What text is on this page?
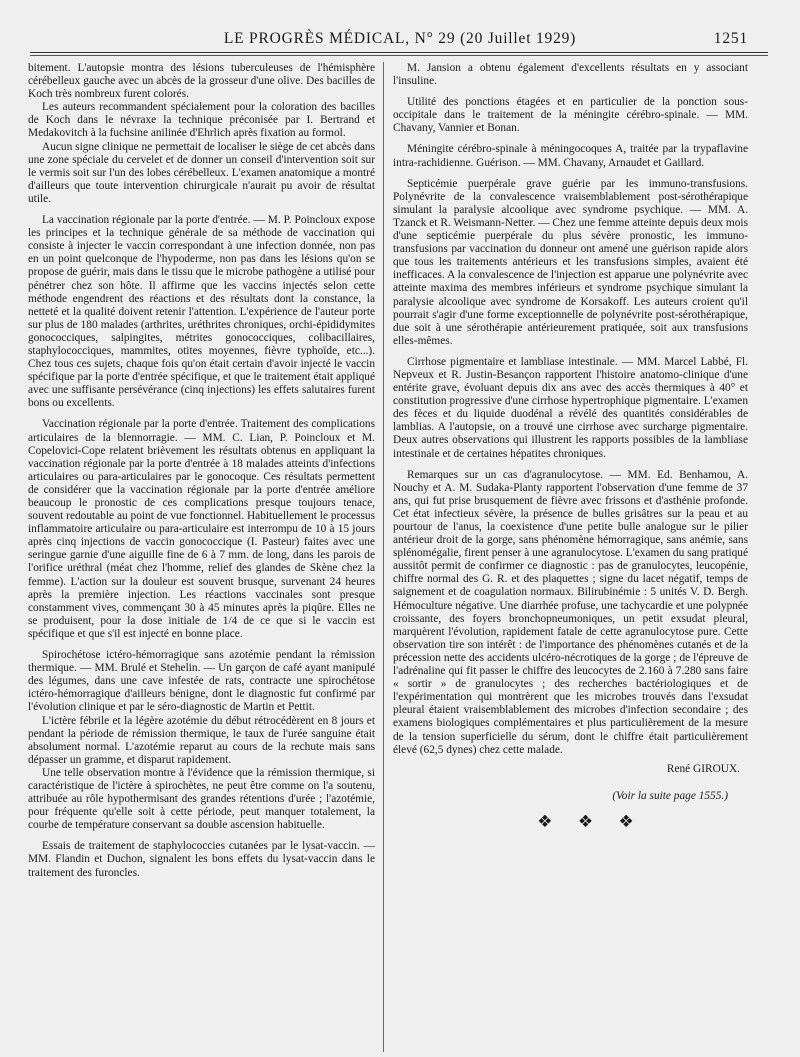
LE PROGRÈS MÉDICAL, N° 29 (20 Juillet 1929)	1251

bitement. L'autopsie montra des lésions tuberculeuses de l'hémisphère cérébelleux gauche avec un abcès de la grosseur d'une olive. Des bacilles de Koch très nombreux furent colorés.

Les auteurs recommandent spécialement pour la coloration des bacilles de Koch dans le névraxe la technique préconisée par I. Bertrand et Medakovitch à la fuchsine anilinée d'Ehrlich après fixation au formol.

Aucun signe clinique ne permettait de localiser le siège de cet abcès dans une zone spéciale du cervelet et de donner un conseil d'intervention soit sur le vermis soit sur l'un des lobes cérébelleux. L'examen anatomique a montré d'ailleurs que toute intervention chirurgicale n'aurait pu avoir de résultat utile.

La vaccination régionale par la porte d'entrée. — M. P. Poincloux expose les principes et la technique générale de sa méthode de vaccination qui consiste à injecter le vaccin correspondant à une infection donnée, non pas en un point quelconque de l'hypoderme, non pas dans les lésions qu'on se propose de guérir, mais dans le tissu que le microbe pathogène a utilisé pour pénétrer chez son hôte. Il affirme que les vaccins injectés selon cette méthode engendrent des réactions et des résultats dont la constance, la netteté et la qualité doivent retenir l'attention. L'expérience de l'auteur porte sur plus de 180 malades (arthrites, uréthrites chroniques, orchi-épididymites gonococciques, salpingites, métrites gonococciques, colibacillaires, staphylococciques, mammites, otites moyennes, fièvre typhoïde, etc...). Chez tous ces sujets, chaque fois qu'on était certain d'avoir injecté le vaccin spécifique par la porte d'entrée spécifique, et que le traitement était appliqué avec une suffisante persévérance (cinq injections) les effets salutaires furent bons ou excellents.

Vaccination régionale par la porte d'entrée. Traitement des complications articulaires de la blennorragie. — MM. C. Lian, P. Poincloux et M. Copelovici-Cope relatent brièvement les résultats obtenus en appliquant la vaccination régionale par la porte d'entrée à 18 malades atteints d'infections articulaires ou para-articulaires par le gonocoque. Ces résultats permettent de considérer que la vaccination régionale par la porte d'entrée améliore beaucoup le pronostic de ces complications presque toujours tenace, souvent redoutable au point de vue fonctionnel. Habituellement le processus inflammatoire articulaire ou para-articulaire est interrompu de 10 à 15 jours après cinq injections de vaccin gonococcique (I. Pasteur) faites avec une seringue garnie d'une aiguille fine de 6 à 7 mm. de long, dans les parois de l'orifice uréthral (méat chez l'homme, relief des glandes de Skène chez la femme). L'action sur la douleur est souvent brusque, survenant 24 heures après la première injection. Les réactions vaccinales sont presque constamment vives, commençant 30 à 45 minutes après la piqûre. Elles ne se produisent, pour la dose initiale de 1/4 de ce que si le vaccin est spécifique et que s'il est injecté en bonne place.

Spirochétose ictéro-hémorragique sans azotémie pendant la rémission thermique. — MM. Brulé et Stehelin. — Un garçon de café ayant manipulé des légumes, dans une cave infestée de rats, contracte une spirochétose ictéro-hémorragique d'ailleurs bénigne, dont le diagnostic fut confirmé par l'évolution clinique et par le séro-diagnostic de Martin et Pettit.

L'ictère fébrile et la légère azotémie du début rétrocédèrent en 8 jours et pendant la période de rémission thermique, le taux de l'urée sanguine était absolument normal. L'azotémie reparut au cours de la rechute mais sans dépasser un gramme, et disparut rapidement.

Une telle observation montre à l'évidence que la rémission thermique, si caractéristique de l'ictère à spirochètes, ne peut être comme on l'a soutenu, attribuée au rôle hypothermisant des grandes rétentions d'urée ; l'azotémie, pour fréquente qu'elle soit à cette période, peut manquer totalement, la courbe de température conservant sa double ascension habituelle.

Essais de traitement de staphylococcies cutanées par le lysat-vaccin. — MM. Flandin et Duchon, signalent les bons effets du lysat-vaccin dans le traitement des furoncles.

M. Jansion a obtenu également d'excellents résultats en y associant l'insuline.

Utilité des ponctions étagées et en particulier de la ponction sous-occipitale dans le traitement de la méningite cérébro-spinale. — MM. Chavany, Vannier et Bonan.

Méningite cérébro-spinale à méningocoques A, traitée par la trypaflavine intra-rachidienne. Guérison. — MM. Chavany, Arnaudet et Gaillard.

Septicémie puerpérale grave guérie par les immuno-transfusions. Polynévrite de la convalescence vraisemblablement post-sérothérapique simulant la paralysie alcoolique avec syndrome psychique. — MM. A. Tzanck et R. Weismann-Netter. — Chez une femme atteinte depuis deux mois d'une septicémie puerpérale du plus sévère pronostic, les immuno-transfusions par vaccination du donneur ont amené une guérison rapide alors que tous les traitements antérieurs et les transfusions simples, avaient été inefficaces. A la convalescence de l'injection est apparue une polynévrite avec atteinte maxima des membres inférieurs et syndrome psychique simulant la paralysie alcoolique avec syndrome de Korsakoff. Les auteurs croient qu'il pourrait s'agir d'une forme exceptionnelle de polynévrite post-sérothérapique, due soit à une sérothérapie antérieurement pratiquée, soit aux transfusions elles-mêmes.

Cirrhose pigmentaire et lambliase intestinale. — MM. Marcel Labbé, Fl. Nepveux et R. Justin-Besançon rapportent l'histoire anatomo-clinique d'une entérite grave, évoluant depuis dix ans avec des accès thermiques à 40° et constitution progressive d'une cirrhose hypertrophique pigmentaire. L'examen des fèces et du liquide duodénal a révélé des quantités considérables de lamblias. A l'autopsie, on a trouvé une cirrhose avec surcharge pigmentaire. Deux autres observations qui illustrent les rapports possibles de la lambliase intestinale et de certaines hépatites chroniques.

Remarques sur un cas d'agranulocytose. — MM. Ed. Benhamou, A. Nouchy et A. M. Sudaka-Planty rapportent l'observation d'une femme de 37 ans, qui fut prise brusquement de fièvre avec frissons et d'asthénie profonde. Cet état infectieux sévère, la présence de bulles grisâtres sur la peau et au pourtour de l'anus, la coexistence d'une petite bulle analogue sur le pilier antérieur droit de la gorge, sans phénomène hémorragique, sans anémie, sans splénomégalie, firent penser à une agranulocytose. L'examen du sang pratiqué aussitôt permit de confirmer ce diagnostic : pas de granulocytes, leucopénie, chiffre normal des G. R. et des plaquettes ; signe du lacet négatif, temps de saignement et de coagulation normaux. Bilirubinémie : 5 unités V. D. Bergh. Hémoculture négative. Une diarrhée profuse, une tachycardie et une polypnée croissante, des foyers bronchopneumoniques, un petit exsudat pleural, marquèrent l'évolution, rapidement fatale de cette agranulocytose pure. Cette observation tire son intérêt : de l'importance des phénomènes cutanés et de la précession nette des accidents ulcéro-nécrotiques de la gorge ; de l'épreuve de l'adrénaline qui fit passer le chiffre des leucocytes de 2.160 à 7.280 sans faire « sortir » de granulocytes ; des recherches bactériologiques et de l'expérimentation qui montrèrent que les microbes trouvés dans l'exsudat pleural étaient vraisemblablement des microbes d'infection secondaire ; des examens biologiques complémentaires et plus particulièrement de la mesure de la tension superficielle du sérum, dont le chiffre était particulièrement élevé (62,5 dynes) chez cette malade.

René GIROUX.
(Voir la suite page 1555.)
❖ ❖ ❖
